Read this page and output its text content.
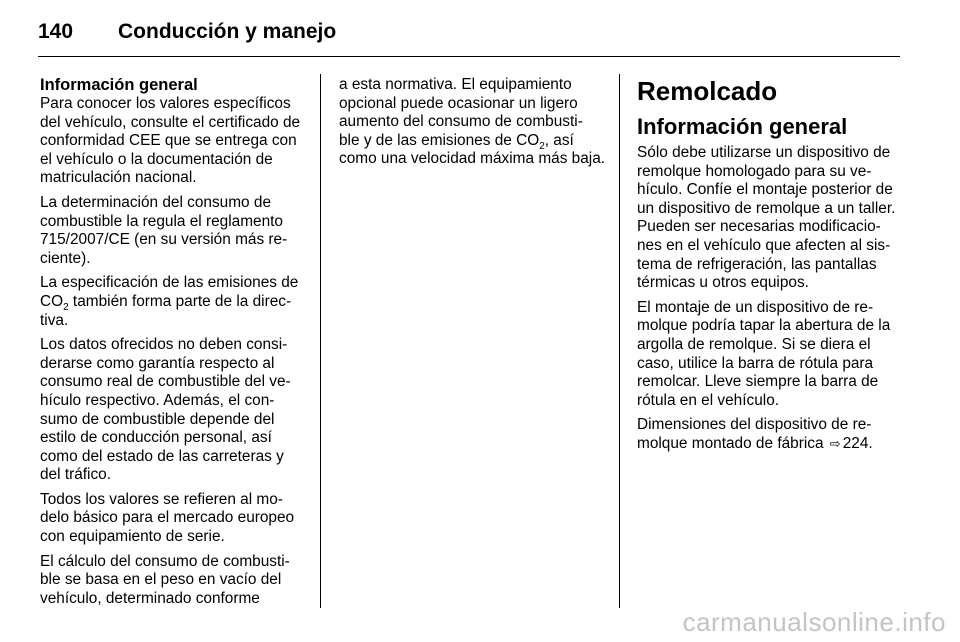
140 Conducción y manejo

Información general

Para conocer los valores específicos del vehículo, consulte el certificado de conformidad CEE que se entrega con el vehículo o la documentación de matriculación nacional.

La determinación del consumo de combustible la regula el reglamento 715/2007/CE (en su versión más re‑ ciente).

La especificación de las emisiones de $CO_2$ también forma parte de la direc‑ tiva.

Los datos ofrecidos no deben consi‑ derarse como garantía respecto al consumo real de combustible del ve‑ hículo respectivo. Además, el con‑ sumo de combustible depende del estilo de conducción personal, así como del estado de las carreteras y del tráfico.

Todos los valores se refieren al mo‑ delo básico para el mercado europeo con equipamiento de serie.

El cálculo del consumo de combusti‑ ble se basa en el peso en vacío del vehículo, determinado conforme

a esta normativa. El equipamiento opcional puede ocasionar un ligero aumento del consumo de combusti‑ ble y de las emisiones de $CO_2$, así como una velocidad máxima más baja.

Remolcado

Información general

Sólo debe utilizarse un dispositivo de remolque homologado para su ve‑ hículo. Confíe el montaje posterior de un dispositivo de remolque a un taller. Pueden ser necesarias modificacio‑ nes en el vehículo que afecten al sis‑ tema de refrigeración, las pantallas térmicas u otros equipos.

El montaje de un dispositivo de re‑ molque podría tapar la abertura de la argolla de remolque. Si se diera el caso, utilice la barra de rótula para remolcar. Lleve siempre la barra de rótula en el vehículo.

Dimensiones del dispositivo de re‑ molque montado de fábrica ⇨ 224.

carmanualsonline.info
